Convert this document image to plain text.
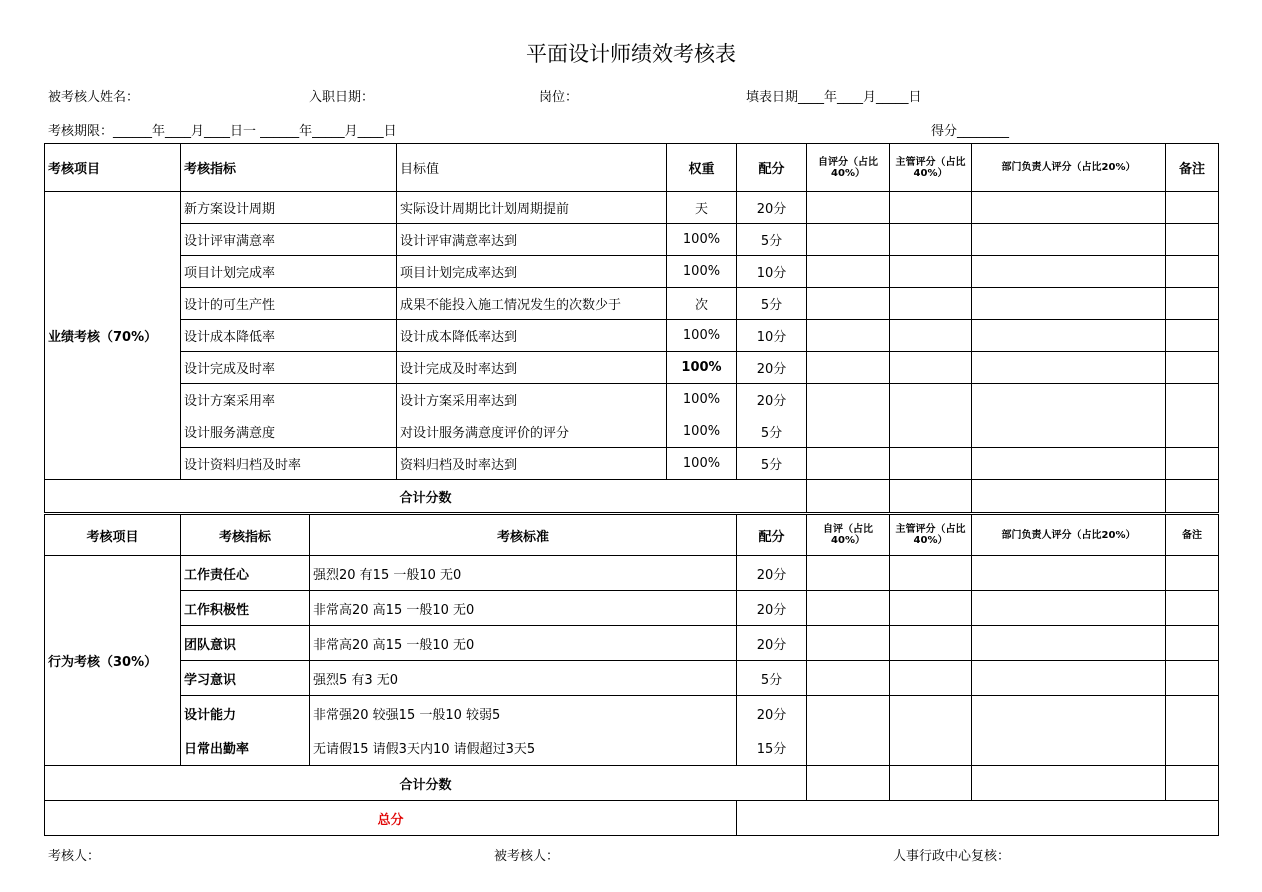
平面设计师绩效考核表
被考核人姓名：	入职日期：	岗位：	填表日期____年____月_____日
考核期限：______年____月____日一 ______年_____月____日	得分________
考核项目	考核指标	目标值	权重	配分	自评分（占比40%）	主管评分（占比40%）	部门负责人评分（占比20%）	备注
业绩考核（70%）	新方案设计周期	实际设计周期比计划周期提前	天	20分				
	设计评审满意率	设计评审满意率达到	100%	5分				
	项目计划完成率	项目计划完成率达到	100%	10分				
	设计的可生产性	成果不能投入施工情况发生的次数少于	次	5分				
	设计成本降低率	设计成本降低率达到	100%	10分				
	设计完成及时率	设计完成及时率达到	100%	20分				
	设计方案采用率	设计方案采用率达到	100%	20分				
	设计服务满意度	对设计服务满意度评价的评分	100%	5分				
	设计资料归档及时率	资料归档及时率达到	100%	5分				
合计分数								
考核项目	考核指标	考核标准	配分	自评（占比40%）	主管评分（占比40%）	部门负责人评分（占比20%）	备注
行为考核（30%）	工作责任心	强烈20 有15 一般10 无0	20分				
	工作积极性	非常高20 高15 一般10 无0	20分				
	团队意识	非常高20 高15 一般10 无0	20分				
	学习意识	强烈5 有3 无0	5分				
	设计能力	非常强20 较强15 一般10 较弱5	20分				
	日常出勤率	无请假15 请假3天内10 请假超过3天5	15分				
合计分数							
总分							
考核人：	被考核人：	人事行政中心复核：
